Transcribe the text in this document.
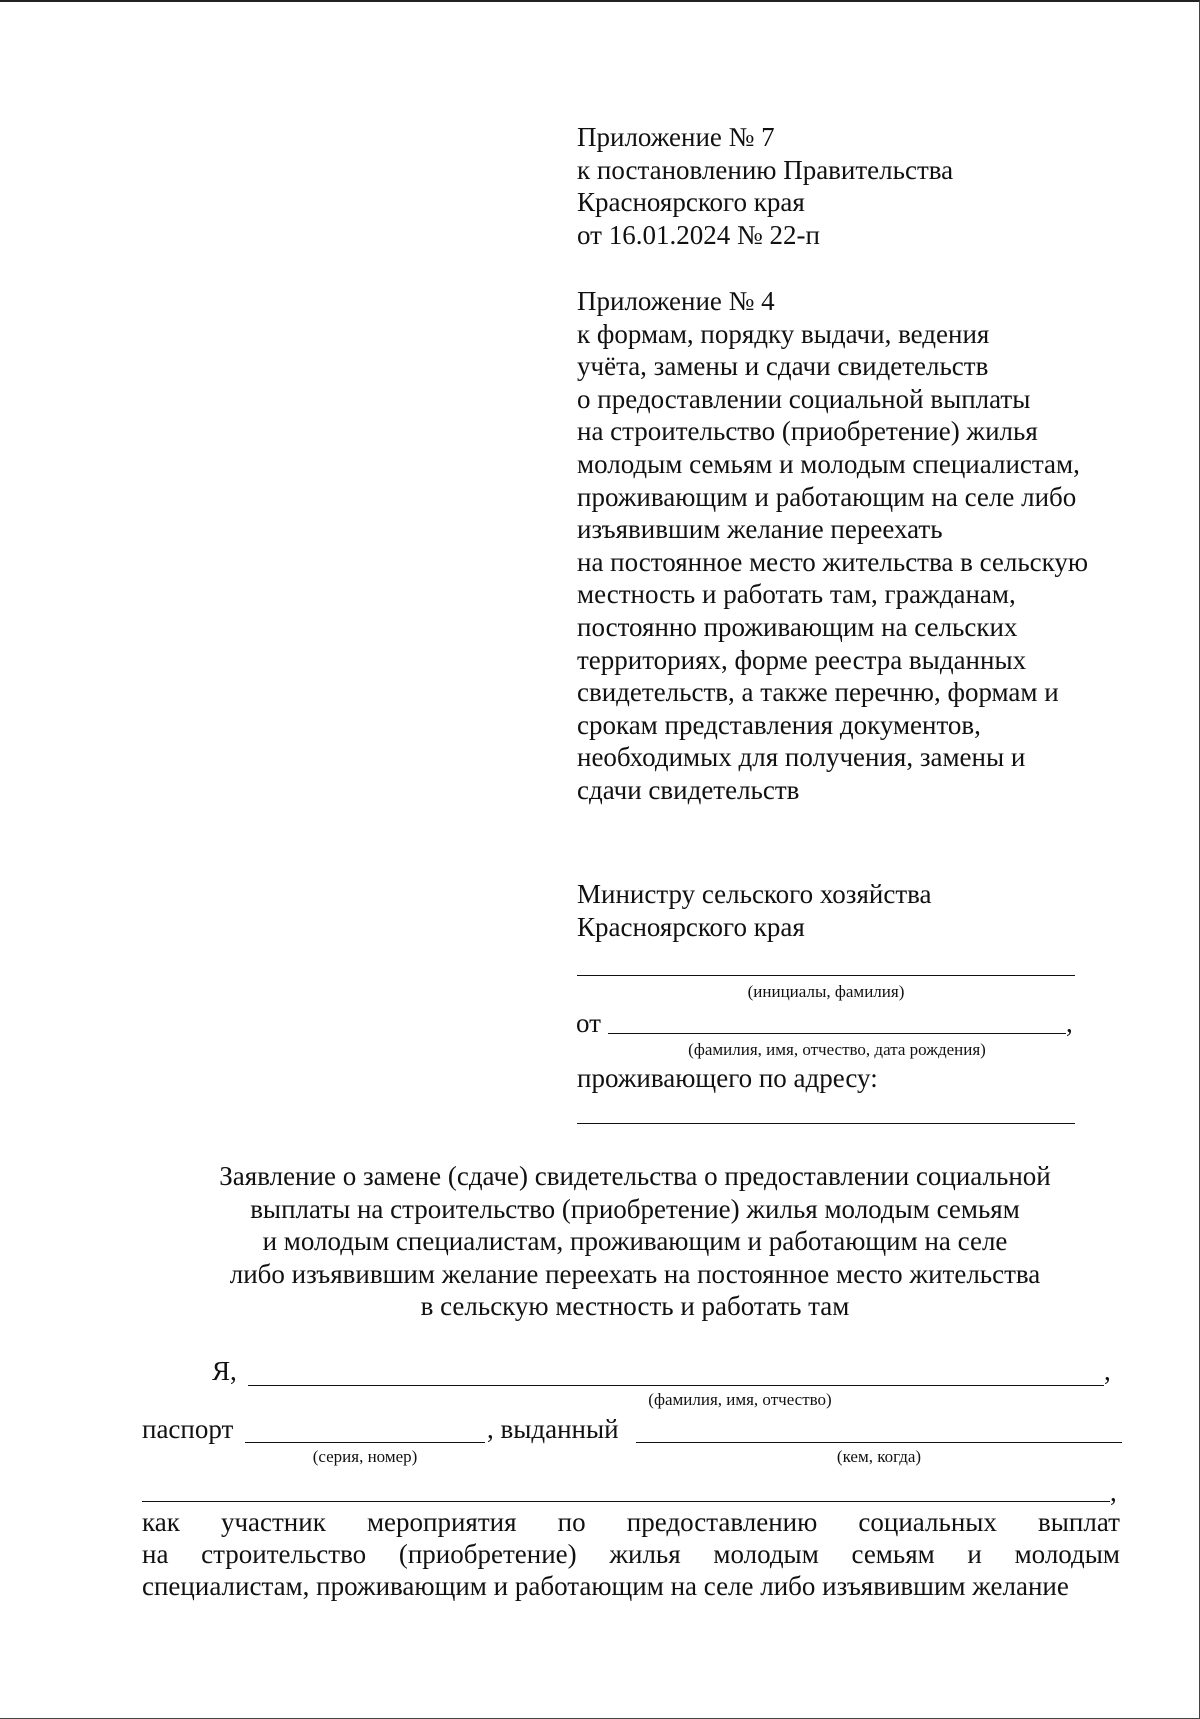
Приложение № 7
к постановлению Правительства
Красноярского края
от 16.01.2024 № 22-п
Приложение № 4
к формам, порядку выдачи, ведения
учёта, замены и сдачи свидетельств
о предоставлении социальной выплаты
на строительство (приобретение) жилья
молодым семьям и молодым специалистам,
проживающим и работающим на селе либо
изъявившим желание переехать
на постоянное место жительства в сельскую
местность и работать там, гражданам,
постоянно проживающим на сельских
территориях, форме реестра выданных
свидетельств, а также перечню, формам и
срокам представления документов,
необходимых для получения, замены и
сдачи свидетельств
Министру сельского хозяйства
Красноярского края
(инициалы, фамилия)
от	,
(фамилия, имя, отчество, дата рождения)
проживающего по адресу:
Заявление о замене (сдаче) свидетельства о предоставлении социальной
выплаты на строительство (приобретение) жилья молодым семьям
и молодым специалистам, проживающим и работающим на селе
либо изъявившим желание переехать на постоянное место жительства
в сельскую местность и работать там
Я,	,
(фамилия, имя, отчество)
паспорт	, выданный
(серия, номер)	(кем, когда)
,
как участник мероприятия по предоставлению социальных выплат
на строительство (приобретение) жилья молодым семьям и молодым
специалистам, проживающим и работающим на селе либо изъявившим желание
